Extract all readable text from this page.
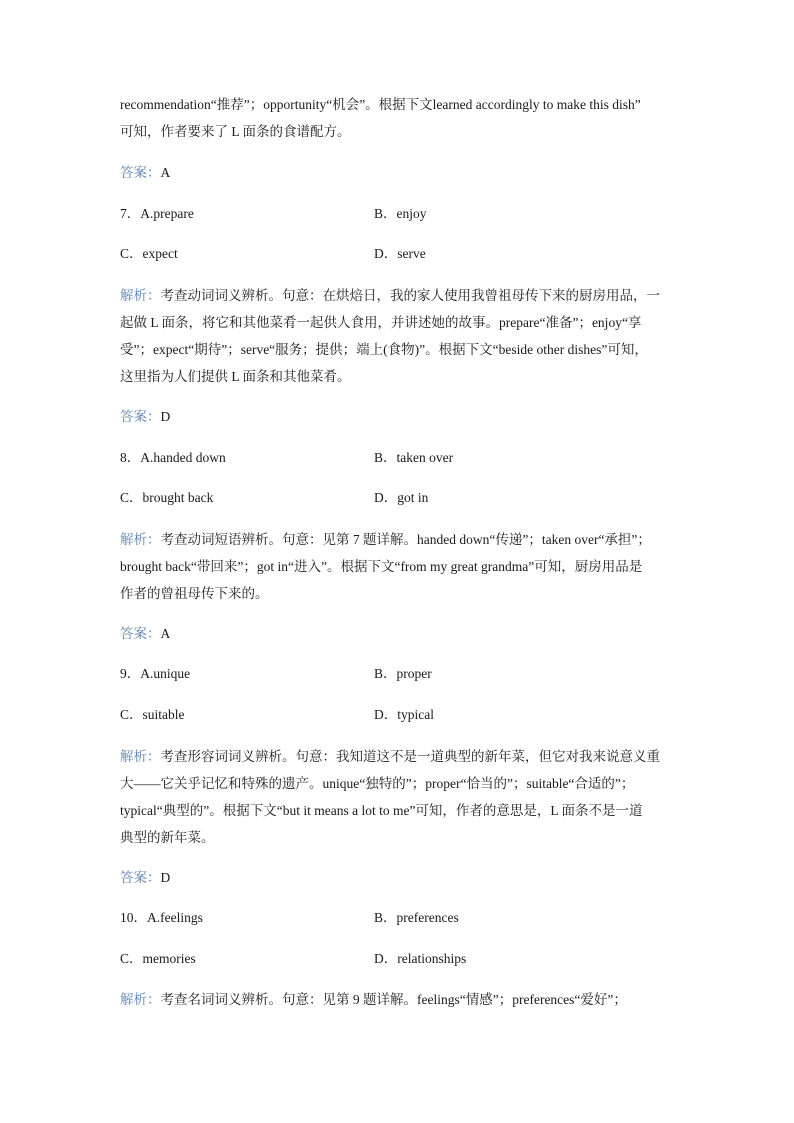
recommendation“推荐”；opportunity“机会”。根据下文learned accordingly to make this dish”
可知，作者要来了 L 面条的食谱配方。
答案：A
7．A.prepare	B．enjoy
C．expect	D．serve
解析：考查动词词义辨析。句意：在烘焙日，我的家人使用我曾祖母传下来的厨房用品，一
起做 L 面条，将它和其他菜肴一起供人食用，并讲述她的故事。prepare“准备”；enjoy“享
受”；expect“期待”；serve“服务；提供；端上(食物)”。根据下文“beside other dishes”可知，
这里指为人们提供 L 面条和其他菜肴。
答案：D
8．A.handed down	B．taken over
C．brought back	D．got in
解析：考查动词短语辨析。句意：见第 7 题详解。handed down“传递”；taken over“承担”；
brought back“带回来”；got in“进入”。根据下文“from my great grandma”可知，厨房用品是
作者的曾祖母传下来的。
答案：A
9．A.unique	B．proper
C．suitable	D．typical
解析：考查形容词词义辨析。句意：我知道这不是一道典型的新年菜，但它对我来说意义重
大——它关乎记忆和特殊的遗产。unique“独特的”；proper“恰当的”；suitable“合适的”；
typical“典型的”。根据下文“but it means a lot to me”可知，作者的意思是，L 面条不是一道
典型的新年菜。
答案：D
10．A.feelings	B．preferences
C．memories	D．relationships
解析：考查名词词义辨析。句意：见第 9 题详解。feelings“情感”；preferences“爱好”；
